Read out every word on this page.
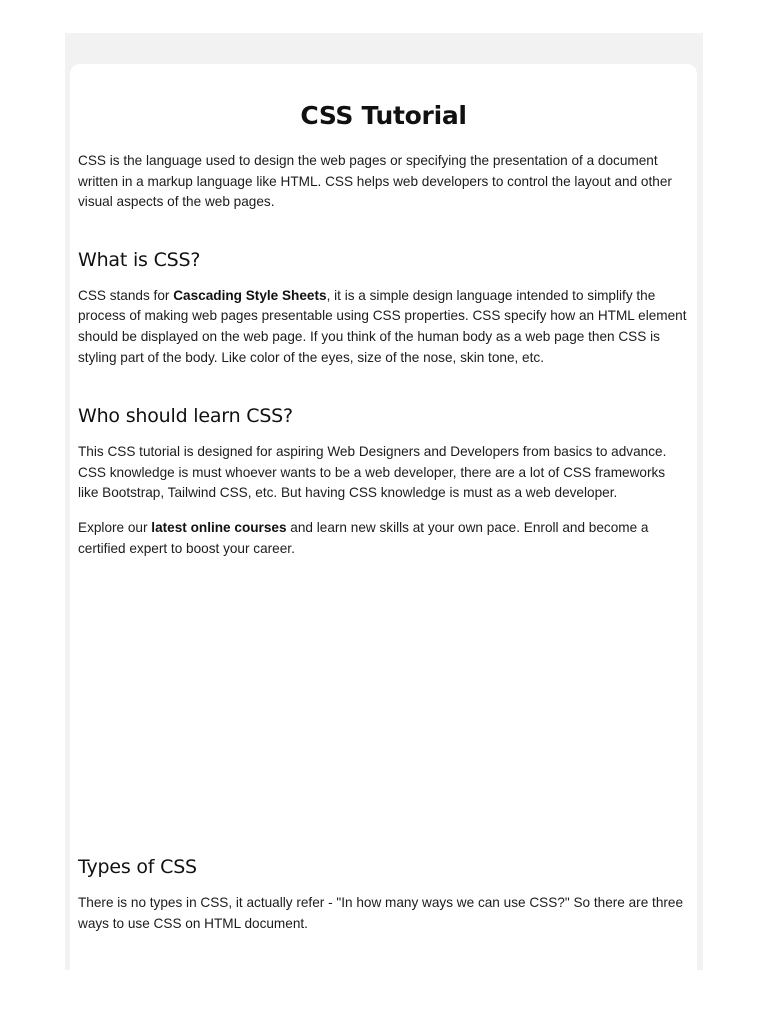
CSS Tutorial

CSS is the language used to design the web pages or specifying the presentation of a document written in a markup language like HTML. CSS helps web developers to control the layout and other visual aspects of the web pages.

What is CSS?

CSS stands for Cascading Style Sheets, it is a simple design language intended to simplify the process of making web pages presentable using CSS properties. CSS specify how an HTML element should be displayed on the web page. If you think of the human body as a web page then CSS is styling part of the body. Like color of the eyes, size of the nose, skin tone, etc.

Who should learn CSS?

This CSS tutorial is designed for aspiring Web Designers and Developers from basics to advance. CSS knowledge is must whoever wants to be a web developer, there are a lot of CSS frameworks like Bootstrap, Tailwind CSS, etc. But having CSS knowledge is must as a web developer.

Explore our latest online courses and learn new skills at your own pace. Enroll and become a certified expert to boost your career.

Types of CSS

There is no types in CSS, it actually refer - "In how many ways we can use CSS?" So there are three ways to use CSS on HTML document.
